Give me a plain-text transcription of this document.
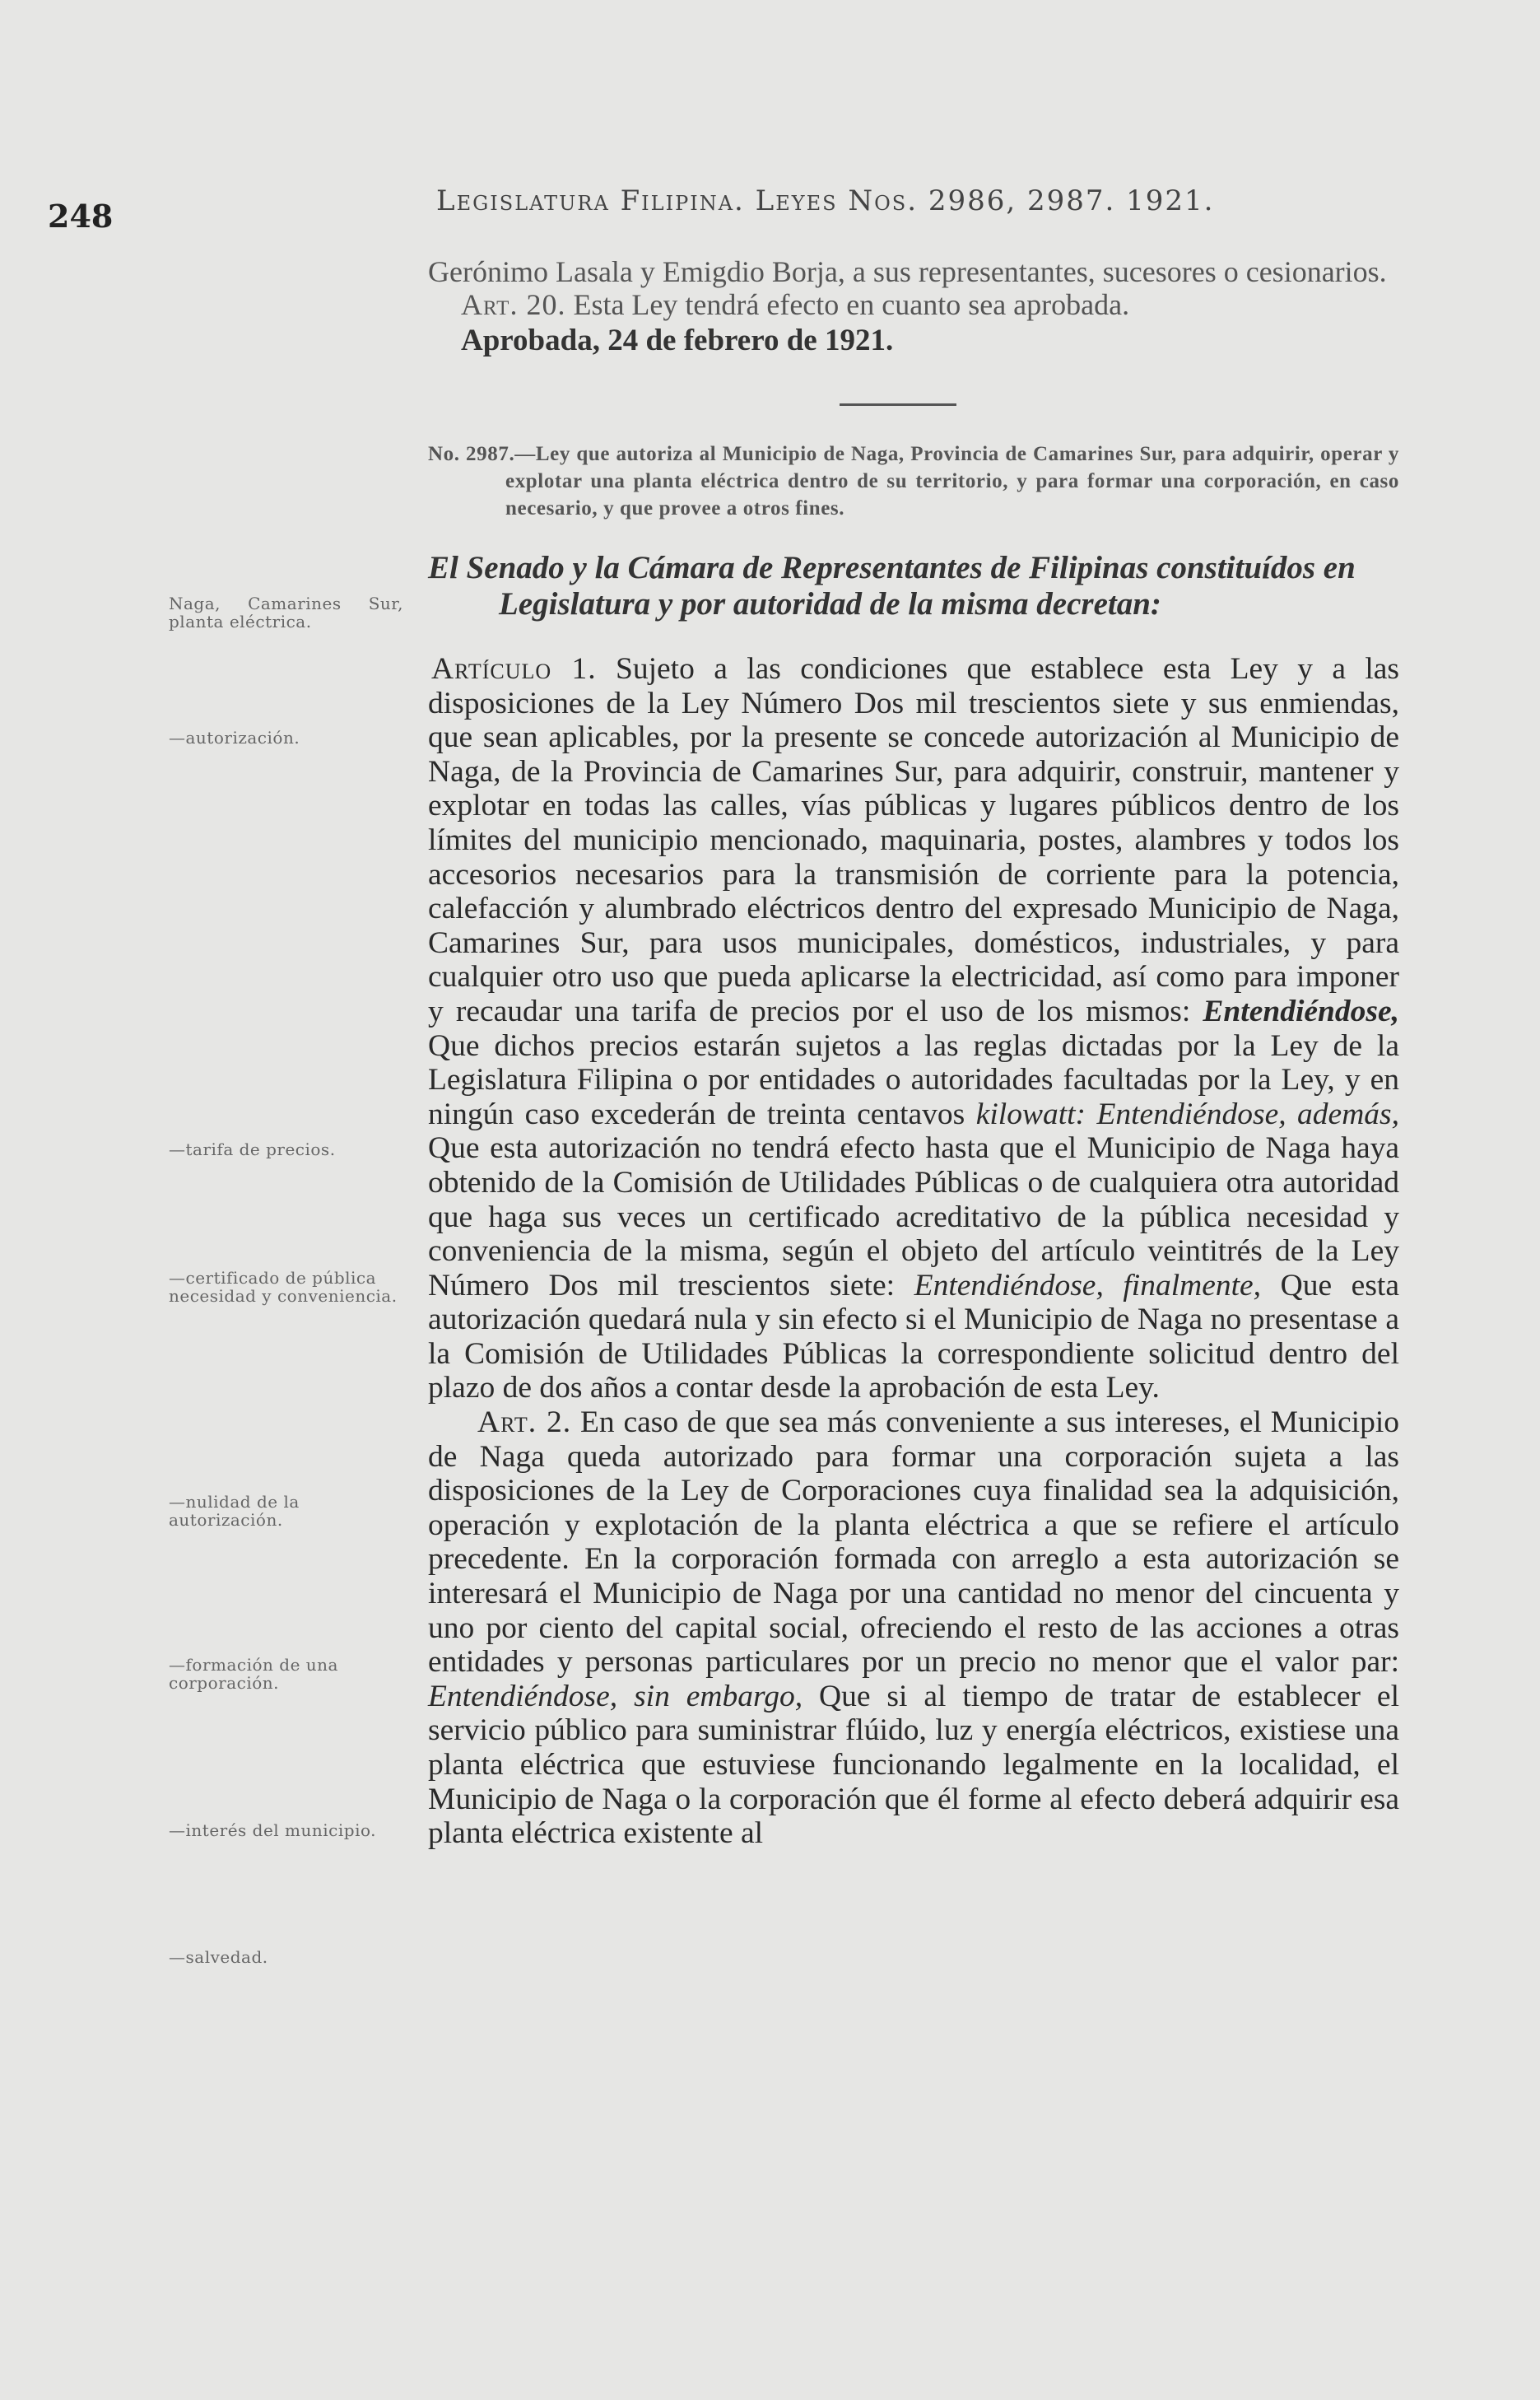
248	Legislatura Filipina. Leyes Nos. 2986, 2987. 1921.

Naga, Camarines Sur, planta eléctrica.

—autorización.

—tarifa de precios.

—certificado de pública necesidad y conveniencia.

—nulidad de la autorización.

—formación de una corporación.

—interés del municipio.

—salvedad.

Gerónimo Lasala y Emigdio Borja, a sus representantes, sucesores o cesionarios.

Art. 20. Esta Ley tendrá efecto en cuanto sea aprobada.

Aprobada, 24 de febrero de 1921.

No. 2987.—Ley que autoriza al Municipio de Naga, Provincia de Camarines Sur, para adquirir, operar y explotar una planta eléctrica dentro de su territorio, y para formar una corporación, en caso necesario, y que provee a otros fines.

El Senado y la Cámara de Representantes de Filipinas constituídos en Legislatura y por autoridad de la misma decretan:

Artículo 1. Sujeto a las condiciones que establece esta Ley y a las disposiciones de la Ley Número Dos mil trescientos siete y sus enmiendas, que sean aplicables, por la presente se concede autorización al Municipio de Naga, de la Provincia de Camarines Sur, para adquirir, construir, mantener y explotar en todas las calles, vías públicas y lugares públicos dentro de los límites del municipio mencionado, maquinaria, postes, alambres y todos los accesorios necesarios para la transmisión de corriente para la potencia, calefacción y alumbrado eléctricos dentro del expresado Municipio de Naga, Camarines Sur, para usos municipales, domésticos, industriales, y para cualquier otro uso que pueda aplicarse la electricidad, así como para imponer y recaudar una tarifa de precios por el uso de los mismos: Entendiéndose, Que dichos precios estarán sujetos a las reglas dictadas por la Ley de la Legislatura Filipina o por entidades o autoridades facultadas por la Ley, y en ningún caso excederán de treinta centavos kilowatt: Entendiéndose, además, Que esta autorización no tendrá efecto hasta que el Municipio de Naga haya obtenido de la Comisión de Utilidades Públicas o de cualquiera otra autoridad que haga sus veces un certificado acreditativo de la pública necesidad y conveniencia de la misma, según el objeto del artículo veintitrés de la Ley Número Dos mil trescientos siete: Entendiéndose, finalmente, Que esta autorización quedará nula y sin efecto si el Municipio de Naga no presentase a la Comisión de Utilidades Públicas la correspondiente solicitud dentro del plazo de dos años a contar desde la aprobación de esta Ley.

Art. 2. En caso de que sea más conveniente a sus intereses, el Municipio de Naga queda autorizado para formar una corporación sujeta a las disposiciones de la Ley de Corporaciones cuya finalidad sea la adquisición, operación y explotación de la planta eléctrica a que se refiere el artículo precedente. En la corporación formada con arreglo a esta autorización se interesará el Municipio de Naga por una cantidad no menor del cincuenta y uno por ciento del capital social, ofreciendo el resto de las acciones a otras entidades y personas particulares por un precio no menor que el valor par: Entendiéndose, sin embargo, Que si al tiempo de tratar de establecer el servicio público para suministrar flúido, luz y energía eléctricos, existiese una planta eléctrica que estuviese funcionando legalmente en la localidad, el Municipio de Naga o la corporación que él forme al efecto deberá adquirir esa planta eléctrica existente al
